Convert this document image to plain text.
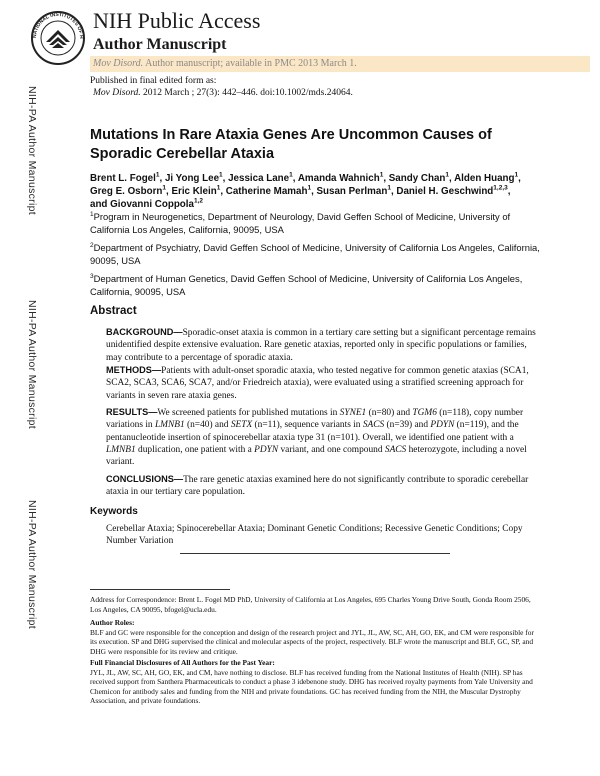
NATIONAL INSTITUTES OF H
NIH Public Access
Author Manuscript
Mov Disord. Author manuscript; available in PMC 2013 March 1.
Published in final edited form as:
Mov Disord. 2012 March ; 27(3): 442–446. doi:10.1002/mds.24064.
NIH-PA Author Manuscript
NIH-PA Author Manuscript
NIH-PA Author Manuscript
Mutations In Rare Ataxia Genes Are Uncommon Causes of Sporadic Cerebellar Ataxia
Brent L. Fogel$^1$, Ji Yong Lee$^1$, Jessica Lane$^1$, Amanda Wahnich$^1$, Sandy Chan$^1$, Alden Huang$^1$, Greg E. Osborn$^1$, Eric Klein$^1$, Catherine Mamah$^1$, Susan Perlman$^1$, Daniel H. Geschwind$^{1,2,3}$, and Giovanni Coppola$^{1,2}$
$^1$Program in Neurogenetics, Department of Neurology, David Geffen School of Medicine, University of California Los Angeles, California, 90095, USA
$^2$Department of Psychiatry, David Geffen School of Medicine, University of California Los Angeles, California, 90095, USA
$^3$Department of Human Genetics, David Geffen School of Medicine, University of California Los Angeles, California, 90095, USA
Abstract

BACKGROUND—Sporadic-onset ataxia is common in a tertiary care setting but a significant percentage remains unidentified despite extensive evaluation. Rare genetic ataxias, reported only in specific populations or families, may contribute to a percentage of sporadic ataxia.

METHODS—Patients with adult-onset sporadic ataxia, who tested negative for common genetic ataxias (SCA1, SCA2, SCA3, SCA6, SCA7, and/or Friedreich ataxia), were evaluated using a stratified screening approach for variants in seven rare ataxia genes.

RESULTS—We screened patients for published mutations in SYNE1 (n=80) and TGM6 (n=118), copy number variations in LMNB1 (n=40) and SETX (n=11), sequence variants in SACS (n=39) and PDYN (n=119), and the pentanucleotide insertion of spinocerebellar ataxia type 31 (n=101). Overall, we identified one patient with a LMNB1 duplication, one patient with a PDYN variant, and one compound SACS heterozygote, including a novel variant.

CONCLUSIONS—The rare genetic ataxias examined here do not significantly contribute to sporadic cerebellar ataxia in our tertiary care population.

Keywords
Cerebellar Ataxia; Spinocerebellar Ataxia; Dominant Genetic Conditions; Recessive Genetic Conditions; Copy Number Variation

Address for Correspondence: Brent L. Fogel MD PhD, University of California at Los Angeles, 695 Charles Young Drive South, Gonda Room 2506, Los Angeles, CA 90095, bfogel@ucla.edu.

Author Roles:
BLF and GC were responsible for the conception and design of the research project and JYL, JL, AW, SC, AH, GO, EK, and CM were responsible for its execution. SP and DHG supervised the clinical and molecular aspects of the project, respectively. BLF wrote the manuscript and BLF, GC, SP, and DHG were responsible for its review and critique.

Full Financial Disclosures of All Authors for the Past Year:
JYL, JL, AW, SC, AH, GO, EK, and CM, have nothing to disclose. BLF has received funding from the National Institutes of Health (NIH). SP has received support from Santhera Pharmaceuticals to conduct a phase 3 idebenone study. DHG has received royalty payments from Yale University and Chemicon for antibody sales and funding from the NIH and private foundations. GC has received funding from the NIH, the Muscular Dystrophy Association, and private foundations.
